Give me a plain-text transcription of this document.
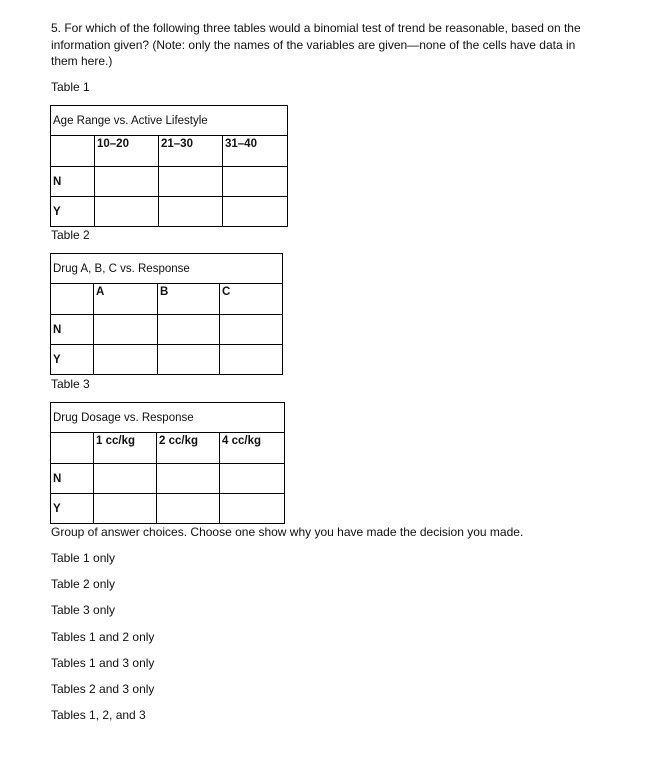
5. For which of the following three tables would a binomial test of trend be reasonable, based on the information given? (Note: only the names of the variables are given—none of the cells have data in them here.)

Table 1

Age Range vs. Active Lifestyle			
	10–20	21–30	31–40
N			
Y			

Table 2

Drug A, B, C vs. Response			
	A	B	C
N			
Y			

Table 3

Drug Dosage vs. Response			
	1 cc/kg	2 cc/kg	4 cc/kg
N			
Y			

Group of answer choices. Choose one show why you have made the decision you made.

Table 1 only

Table 2 only

Table 3 only

Tables 1 and 2 only

Tables 1 and 3 only

Tables 2 and 3 only

Tables 1, 2, and 3
